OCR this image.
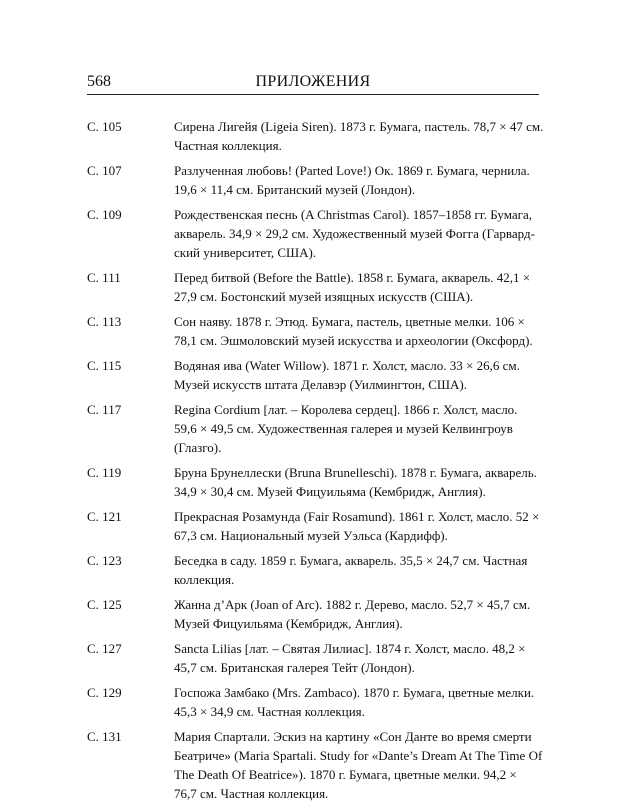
568	ПРИЛОЖЕНИЯ
С. 105	Сирена Лигейя (Ligeia Siren). 1873 г. Бумага, пастель. 78,7 × 47 см.
Частная коллекция.
С. 107	Разлученная любовь! (Parted Love!) Ок. 1869 г. Бумага, чернила.
19,6 × 11,4 см. Британский музей (Лондон).
С. 109	Рождественская песнь (A Christmas Carol). 1857–1858 гг. Бумага,
акварель. 34,9 × 29,2 см. Художественный музей Фогга (Гарвард-
ский университет, США).
С. 111	Перед битвой (Before the Battle). 1858 г. Бумага, акварель. 42,1 ×
27,9 см. Бостонский музей изящных искусств (США).
С. 113	Сон наяву. 1878 г. Этюд. Бумага, пастель, цветные мелки. 106 ×
78,1 см. Эшмоловский музей искусства и археологии (Оксфорд).
С. 115	Водяная ива (Water Willow). 1871 г. Холст, масло. 33 × 26,6 см.
Музей искусств штата Делавэр (Уилмингтон, США).
С. 117	Regina Cordium [лат. – Королева сердец]. 1866 г. Холст, масло.
59,6 × 49,5 см. Художественная галерея и музей Келвингроув
(Глазго).
С. 119	Бруна Брунеллески (Bruna Brunelleschi). 1878 г. Бумага, акварель.
34,9 × 30,4 см. Музей Фицуильяма (Кембридж, Англия).
С. 121	Прекрасная Розамунда (Fair Rosamund). 1861 г. Холст, масло. 52 ×
67,3 см. Национальный музей Уэльса (Кардифф).
С. 123	Беседка в саду. 1859 г. Бумага, акварель. 35,5 × 24,7 см. Частная
коллекция.
С. 125	Жанна д’Арк (Joan of Arc). 1882 г. Дерево, масло. 52,7 × 45,7 см.
Музей Фицуильяма (Кембридж, Англия).
С. 127	Sancta Lilias [лат. – Святая Лилиас]. 1874 г. Холст, масло. 48,2 ×
45,7 см. Британская галерея Тейт (Лондон).
С. 129	Госпожа Замбако (Mrs. Zambaco). 1870 г. Бумага, цветные мелки.
45,3 × 34,9 см. Частная коллекция.
С. 131	Мария Спартали. Эскиз на картину «Сон Данте во время смерти
Беатриче» (Maria Spartali. Study for «Dante’s Dream At The Time Of
The Death Of Beatrice»). 1870 г. Бумага, цветные мелки. 94,2 ×
76,7 см. Частная коллекция.
